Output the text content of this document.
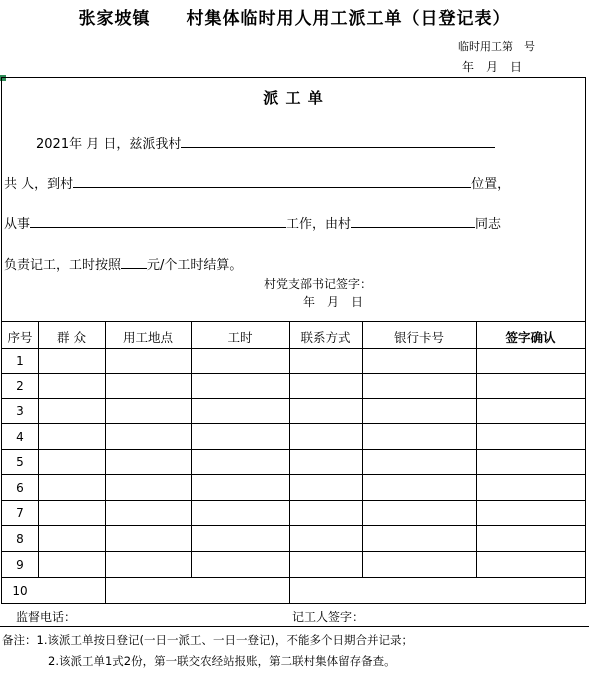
张家坡镇　　村集体临时用人用工派工单（日登记表）
临时用工第　号
年　月　日
派 工 单
2021年 月 日，兹派我村
共 人，到村	位置，
从事	工作，由村	同志
负责记工，工时按照 元/个工时结算。
村党支部书记签字：
年　月　日
序号	群 众	用工地点	工时	联系方式	银行卡号	签字确认
1
2
3
4
5
6
7
8
9
10
监督电话：	记工人签字：
备注：1.该派工单按日登记(一日一派工、一日一登记)，不能多个日期合并记录；
2.该派工单1式2份，第一联交农经站报账，第二联村集体留存备查。
